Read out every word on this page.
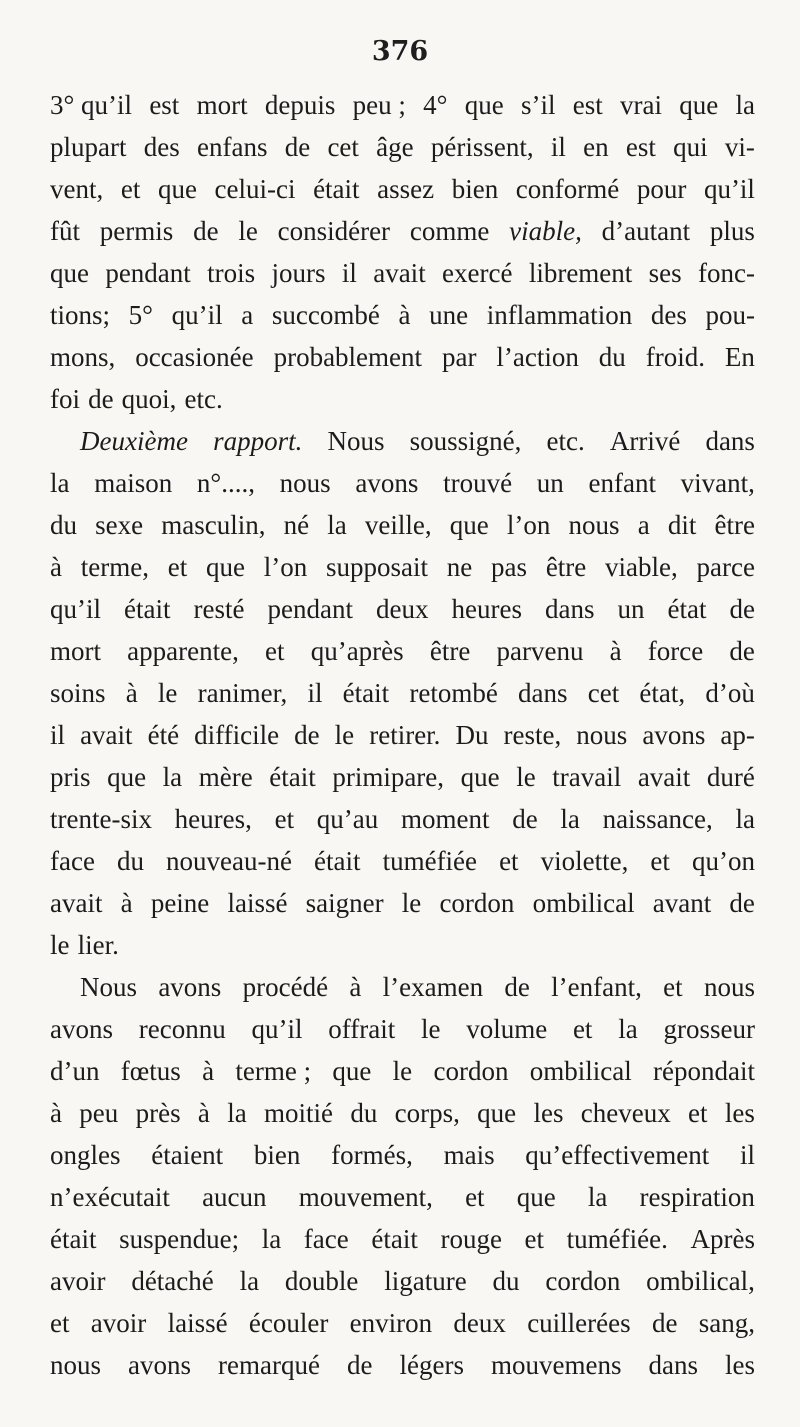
376
3° qu’il est mort depuis peu ; 4° que s’il est vrai que la
plupart des enfans de cet âge périssent, il en est qui vi-
vent, et que celui-ci était assez bien conformé pour qu’il
fût permis de le considérer comme viable, d’autant plus
que pendant trois jours il avait exercé librement ses fonc-
tions; 5° qu’il a succombé à une inflammation des pou-
mons, occasionée probablement par l’action du froid. En
foi de quoi, etc.
Deuxième rapport. Nous soussigné, etc. Arrivé dans
la maison n°...., nous avons trouvé un enfant vivant,
du sexe masculin, né la veille, que l’on nous a dit être
à terme, et que l’on supposait ne pas être viable, parce
qu’il était resté pendant deux heures dans un état de
mort apparente, et qu’après être parvenu à force de
soins à le ranimer, il était retombé dans cet état, d’où
il avait été difficile de le retirer. Du reste, nous avons ap-
pris que la mère était primipare, que le travail avait duré
trente-six heures, et qu’au moment de la naissance, la
face du nouveau-né était tuméfiée et violette, et qu’on
avait à peine laissé saigner le cordon ombilical avant de
le lier.
Nous avons procédé à l’examen de l’enfant, et nous
avons reconnu qu’il offrait le volume et la grosseur
d’un fœtus à terme ; que le cordon ombilical répondait
à peu près à la moitié du corps, que les cheveux et les
ongles étaient bien formés, mais qu’effectivement il
n’exécutait aucun mouvement, et que la respiration
était suspendue; la face était rouge et tuméfiée. Après
avoir détaché la double ligature du cordon ombilical,
et avoir laissé écouler environ deux cuillerées de sang,
nous avons remarqué de légers mouvemens dans les
